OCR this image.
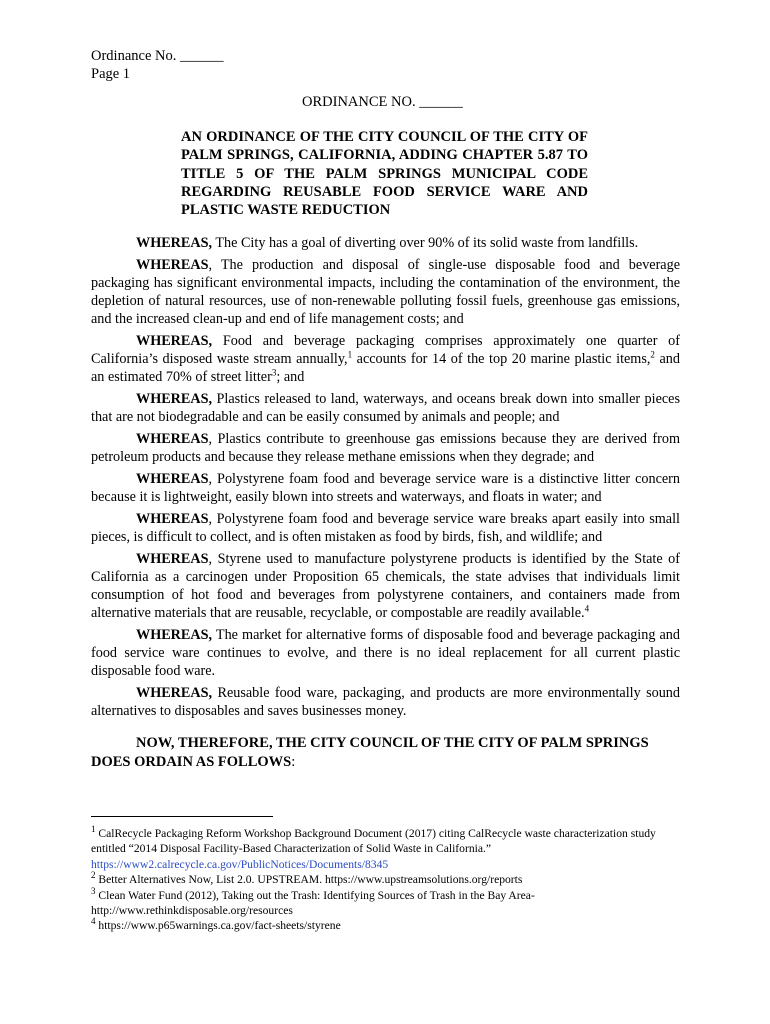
Ordinance No. ______
Page 1
ORDINANCE NO. ______
AN ORDINANCE OF THE CITY COUNCIL OF THE CITY OF PALM SPRINGS, CALIFORNIA, ADDING CHAPTER 5.87 TO TITLE 5 OF THE PALM SPRINGS MUNICIPAL CODE REGARDING REUSABLE FOOD SERVICE WARE AND PLASTIC WASTE REDUCTION

WHEREAS, The City has a goal of diverting over 90% of its solid waste from landfills.

WHEREAS, The production and disposal of single-use disposable food and beverage packaging has significant environmental impacts, including the contamination of the environment, the depletion of natural resources, use of non-renewable polluting fossil fuels, greenhouse gas emissions, and the increased clean-up and end of life management costs; and

WHEREAS, Food and beverage packaging comprises approximately one quarter of California’s disposed waste stream annually,$^1$ accounts for 14 of the top 20 marine plastic items,$^2$ and an estimated 70% of street litter$^3$; and

WHEREAS, Plastics released to land, waterways, and oceans break down into smaller pieces that are not biodegradable and can be easily consumed by animals and people; and

WHEREAS, Plastics contribute to greenhouse gas emissions because they are derived from petroleum products and because they release methane emissions when they degrade; and

WHEREAS, Polystyrene foam food and beverage service ware is a distinctive litter concern because it is lightweight, easily blown into streets and waterways, and floats in water; and

WHEREAS, Polystyrene foam food and beverage service ware breaks apart easily into small pieces, is difficult to collect, and is often mistaken as food by birds, fish, and wildlife; and

WHEREAS, Styrene used to manufacture polystyrene products is identified by the State of California as a carcinogen under Proposition 65 chemicals, the state advises that individuals limit consumption of hot food and beverages from polystyrene containers, and containers made from alternative materials that are reusable, recyclable, or compostable are readily available.$^4$

WHEREAS, The market for alternative forms of disposable food and beverage packaging and food service ware continues to evolve, and there is no ideal replacement for all current plastic disposable food ware.

WHEREAS, Reusable food ware, packaging, and products are more environmentally sound alternatives to disposables and saves businesses money.

NOW, THEREFORE, THE CITY COUNCIL OF THE CITY OF PALM SPRINGS DOES ORDAIN AS FOLLOWS:

$^1$ CalRecycle Packaging Reform Workshop Background Document (2017) citing CalRecycle waste characterization study entitled “2014 Disposal Facility-Based Characterization of Solid Waste in California.”
https://www2.calrecycle.ca.gov/PublicNotices/Documents/8345

$^2$ Better Alternatives Now, List 2.0. UPSTREAM. https://www.upstreamsolutions.org/reports

$^3$ Clean Water Fund (2012), Taking out the Trash: Identifying Sources of Trash in the Bay Area- http://www.rethinkdisposable.org/resources

$^4$ https://www.p65warnings.ca.gov/fact-sheets/styrene
